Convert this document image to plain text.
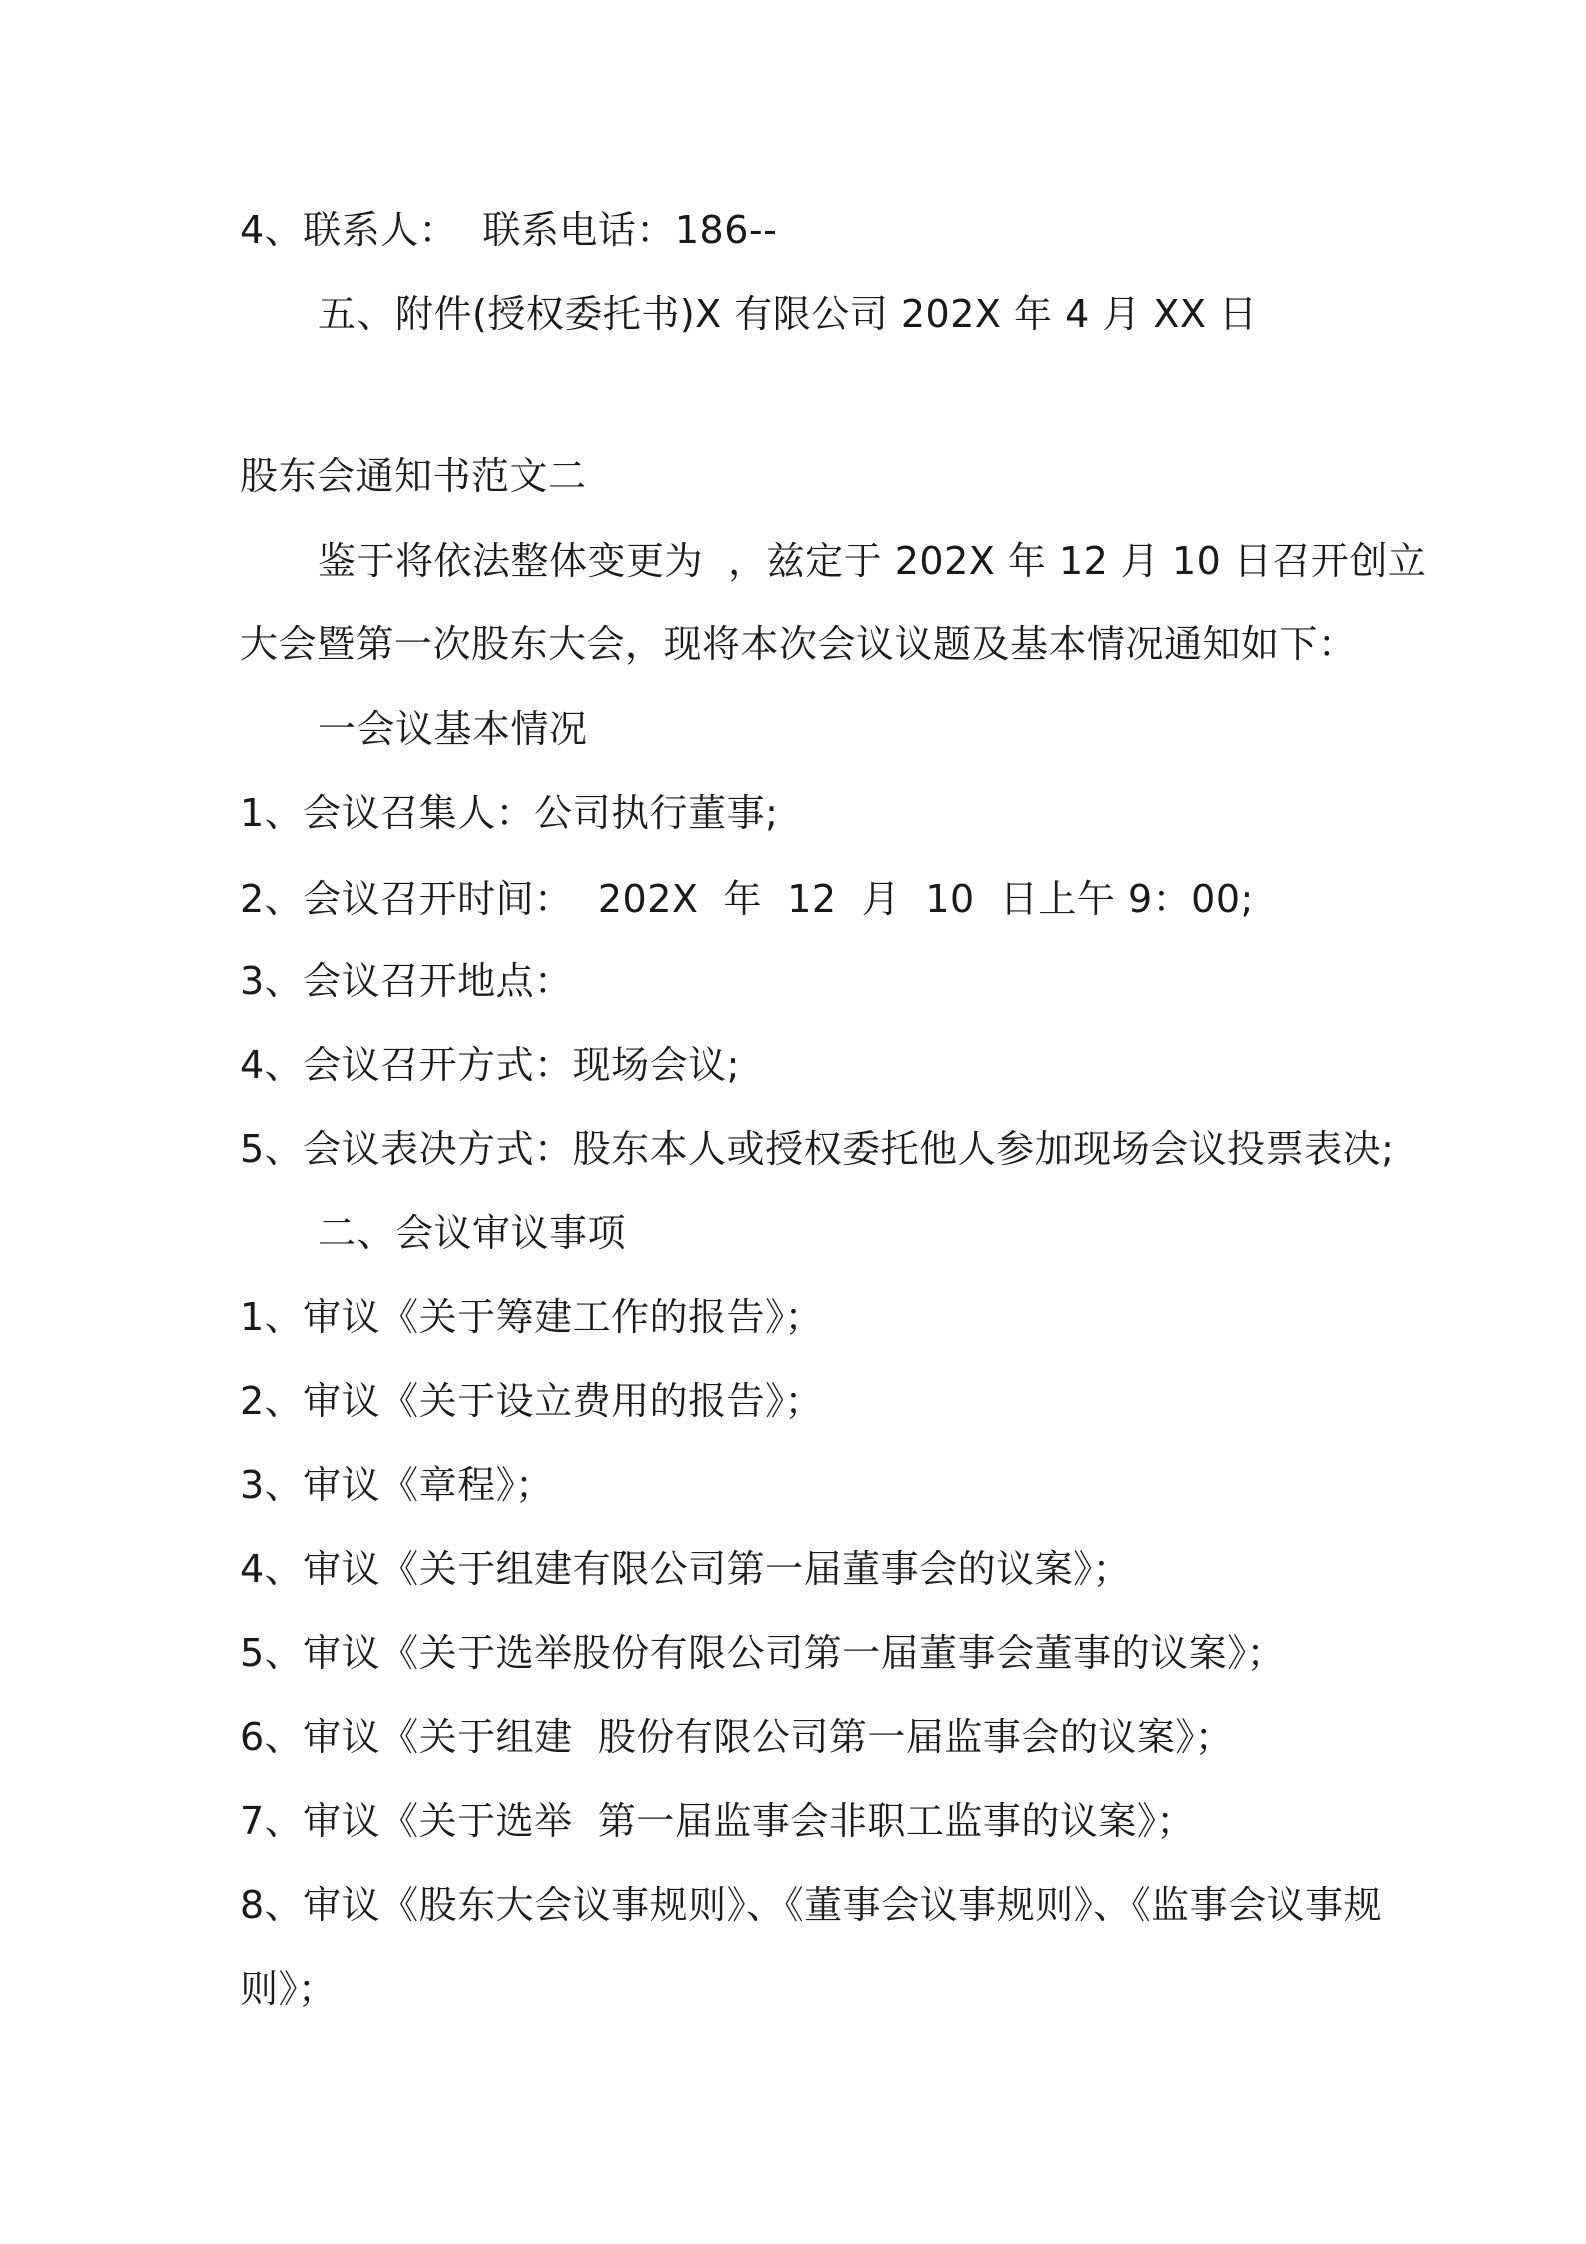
4、联系人：  联系电话：186--
五、附件(授权委托书)X 有限公司 202X 年 4 月 XX 日
股东会通知书范文二
鉴于将依法整体变更为  ，兹定于 202X 年 12 月 10 日召开创立
大会暨第一次股东大会，现将本次会议议题及基本情况通知如下：
一会议基本情况
1、会议召集人：公司执行董事;
2、会议召开时间：  202X  年  12  月  10  日上午 9：00;
3、会议召开地点：
4、会议召开方式：现场会议;
5、会议表决方式：股东本人或授权委托他人参加现场会议投票表决;
二、会议审议事项
1、审议《关于筹建工作的报告》；
2、审议《关于设立费用的报告》；
3、审议《章程》；
4、审议《关于组建有限公司第一届董事会的议案》；
5、审议《关于选举股份有限公司第一届董事会董事的议案》；
6、审议《关于组建  股份有限公司第一届监事会的议案》；
7、审议《关于选举  第一届监事会非职工监事的议案》；
8、审议《股东大会议事规则》、《董事会议事规则》、《监事会议事规
则》；
